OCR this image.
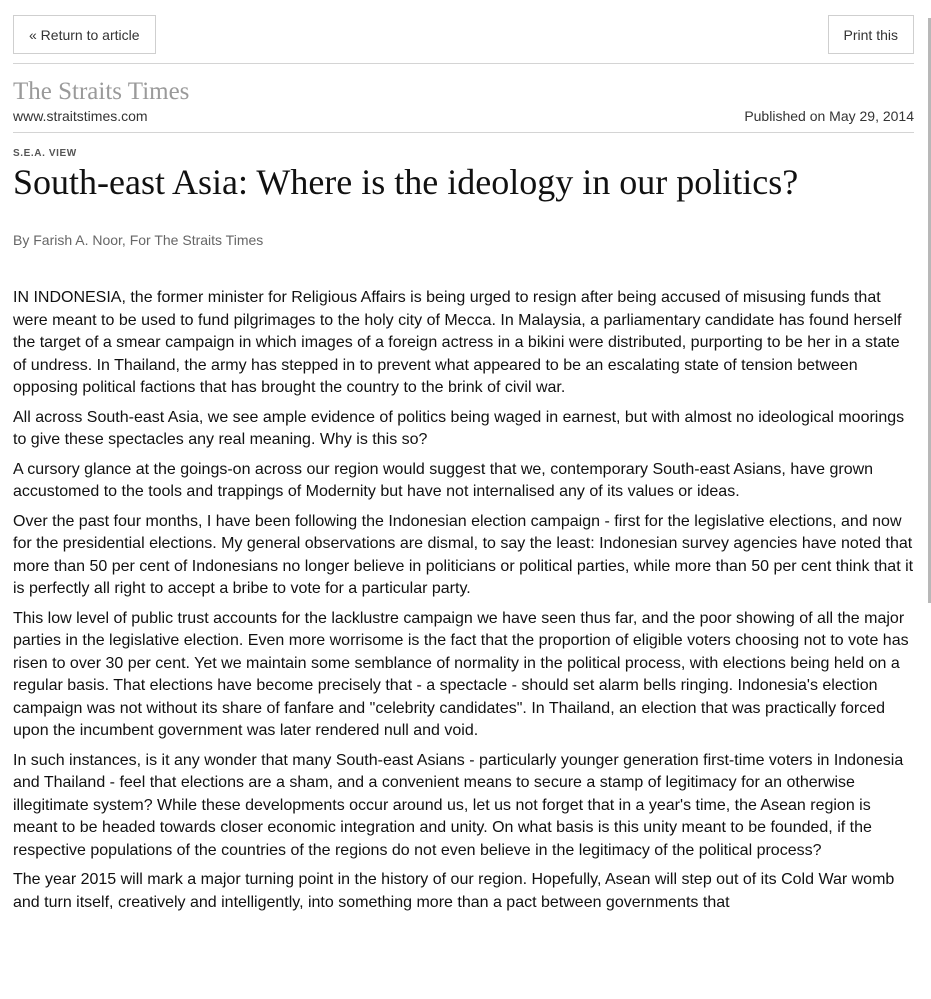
« Return to article	Print this
The Straits Times
www.straitstimes.com	Published on May 29, 2014
S.E.A. VIEW
South-east Asia: Where is the ideology in our politics?
By Farish A. Noor, For The Straits Times

IN INDONESIA, the former minister for Religious Affairs is being urged to resign after being accused of misusing funds that were meant to be used to fund pilgrimages to the holy city of Mecca. In Malaysia, a parliamentary candidate has found herself the target of a smear campaign in which images of a foreign actress in a bikini were distributed, purporting to be her in a state of undress. In Thailand, the army has stepped in to prevent what appeared to be an escalating state of tension between opposing political factions that has brought the country to the brink of civil war.

All across South-east Asia, we see ample evidence of politics being waged in earnest, but with almost no ideological moorings to give these spectacles any real meaning. Why is this so?

A cursory glance at the goings-on across our region would suggest that we, contemporary South-east Asians, have grown accustomed to the tools and trappings of Modernity but have not internalised any of its values or ideas.

Over the past four months, I have been following the Indonesian election campaign - first for the legislative elections, and now for the presidential elections. My general observations are dismal, to say the least: Indonesian survey agencies have noted that more than 50 per cent of Indonesians no longer believe in politicians or political parties, while more than 50 per cent think that it is perfectly all right to accept a bribe to vote for a particular party.

This low level of public trust accounts for the lacklustre campaign we have seen thus far, and the poor showing of all the major parties in the legislative election. Even more worrisome is the fact that the proportion of eligible voters choosing not to vote has risen to over 30 per cent. Yet we maintain some semblance of normality in the political process, with elections being held on a regular basis. That elections have become precisely that - a spectacle - should set alarm bells ringing. Indonesia's election campaign was not without its share of fanfare and "celebrity candidates". In Thailand, an election that was practically forced upon the incumbent government was later rendered null and void.

In such instances, is it any wonder that many South-east Asians - particularly younger generation first-time voters in Indonesia and Thailand - feel that elections are a sham, and a convenient means to secure a stamp of legitimacy for an otherwise illegitimate system? While these developments occur around us, let us not forget that in a year's time, the Asean region is meant to be headed towards closer economic integration and unity. On what basis is this unity meant to be founded, if the respective populations of the countries of the regions do not even believe in the legitimacy of the political process?

The year 2015 will mark a major turning point in the history of our region. Hopefully, Asean will step out of its Cold War womb and turn itself, creatively and intelligently, into something more than a pact between governments that
